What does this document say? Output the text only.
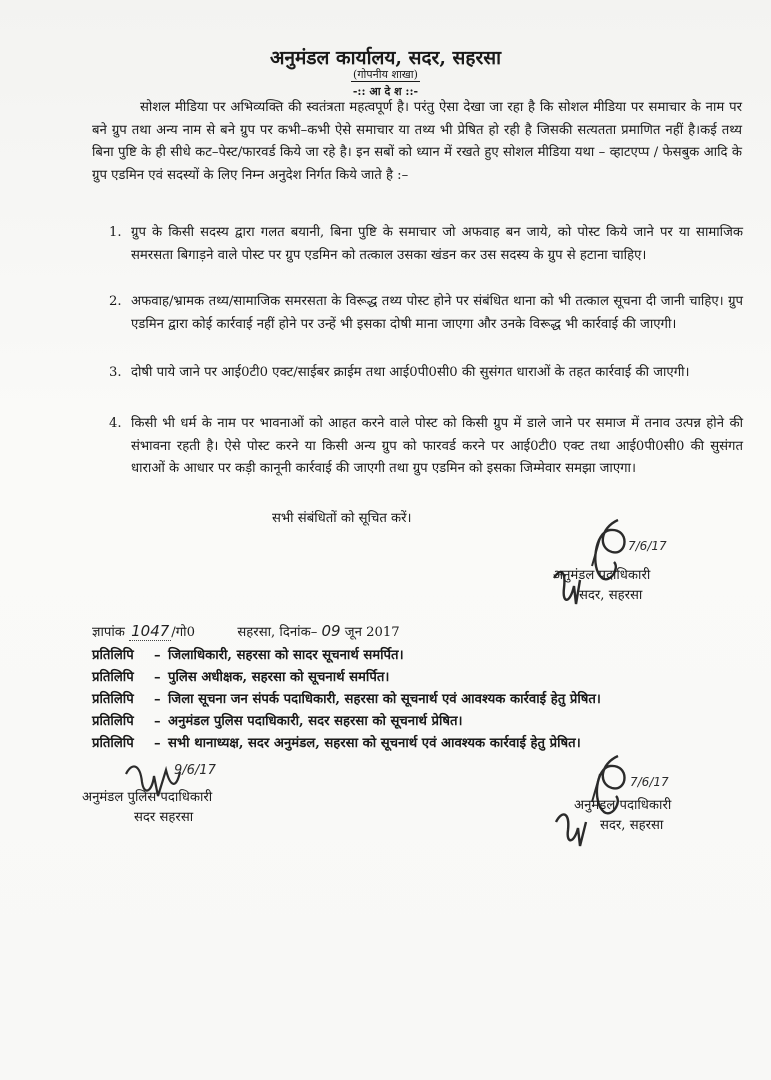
अनुमंडल कार्यालय, सदर, सहरसा
(गोपनीय शाखा)
-:: आ दे श ::-
सोशल मीडिया पर अभिव्यक्ति की स्वतंत्रता महत्वपूर्ण है। परंतु ऐसा देखा जा रहा है कि सोशल मीडिया पर समाचार के नाम पर बने ग्रुप तथा अन्य नाम से बने ग्रुप पर कभी–कभी ऐसे समाचार या तथ्य भी प्रेषित हो रही है जिसकी सत्यतता प्रमाणित नहीं है।कई तथ्य बिना पुष्टि के ही सीधे कट–पेस्ट/फारवर्ड किये जा रहे है। इन सबों को ध्यान में रखते हुए सोशल मीडिया यथा – व्हाटएप्प / फेसबुक आदि के ग्रुप एडमिन एवं सदस्यों के लिए निम्न अनुदेश निर्गत किये जाते है :–
1. ग्रुप के किसी सदस्य द्वारा गलत बयानी, बिना पुष्टि के समाचार जो अफवाह बन जाये, को पोस्ट किये जाने पर या सामाजिक समरसता बिगाड़ने वाले पोस्ट पर ग्रुप एडमिन को तत्काल उसका खंडन कर उस सदस्य के ग्रुप से हटाना चाहिए।
2. अफवाह/भ्रामक तथ्य/सामाजिक समरसता के विरूद्ध तथ्य पोस्ट होने पर संबंधित थाना को भी तत्काल सूचना दी जानी चाहिए। ग्रुप एडमिन द्वारा कोई कार्रवाई नहीं होने पर उन्हें भी इसका दोषी माना जाएगा और उनके विरूद्ध भी कार्रवाई की जाएगी।
3. दोषी पाये जाने पर आई0टी0 एक्ट/साईबर क्राईम तथा आई0पी0सी0 की सुसंगत धाराओं के तहत कार्रवाई की जाएगी।
4. किसी भी धर्म के नाम पर भावनाओं को आहत करने वाले पोस्ट को किसी ग्रुप में डाले जाने पर समाज में तनाव उत्पन्न होने की संभावना रहती है। ऐसे पोस्ट करने या किसी अन्य ग्रुप को फारवर्ड करने पर आई0टी0 एक्ट तथा आई0पी0सी0 की सुसंगत धाराओं के आधार पर कड़ी कानूनी कार्रवाई की जाएगी तथा ग्रुप एडमिन को इसका जिम्मेवार समझा जाएगा।
सभी संबंधितों को सूचित करें।
7/6/17
अनुमंडल पदाधिकारी
सदर, सहरसा
ज्ञापांक 1047 /गो0	सहरसा, दिनांक– 09 जून 2017
प्रतिलिपि – जिलाधिकारी, सहरसा को सादर सूचनार्थ समर्पित।
प्रतिलिपि – पुलिस अधीक्षक, सहरसा को सूचनार्थ समर्पित।
प्रतिलिपि – जिला सूचना जन संपर्क पदाधिकारी, सहरसा को सूचनार्थ एवं आवश्यक कार्रवाई हेतु प्रेषित।
प्रतिलिपि – अनुमंडल पुलिस पदाधिकारी, सदर सहरसा को सूचनार्थ प्रेषित।
प्रतिलिपि – सभी थानाध्यक्ष, सदर अनुमंडल, सहरसा को सूचनार्थ एवं आवश्यक कार्रवाई हेतु प्रेषित।
9/6/17
अनुमंडल पुलिस पदाधिकारी
सदर सहरसा
7/6/17
अनुमंडल पदाधिकारी
सदर, सहरसा
